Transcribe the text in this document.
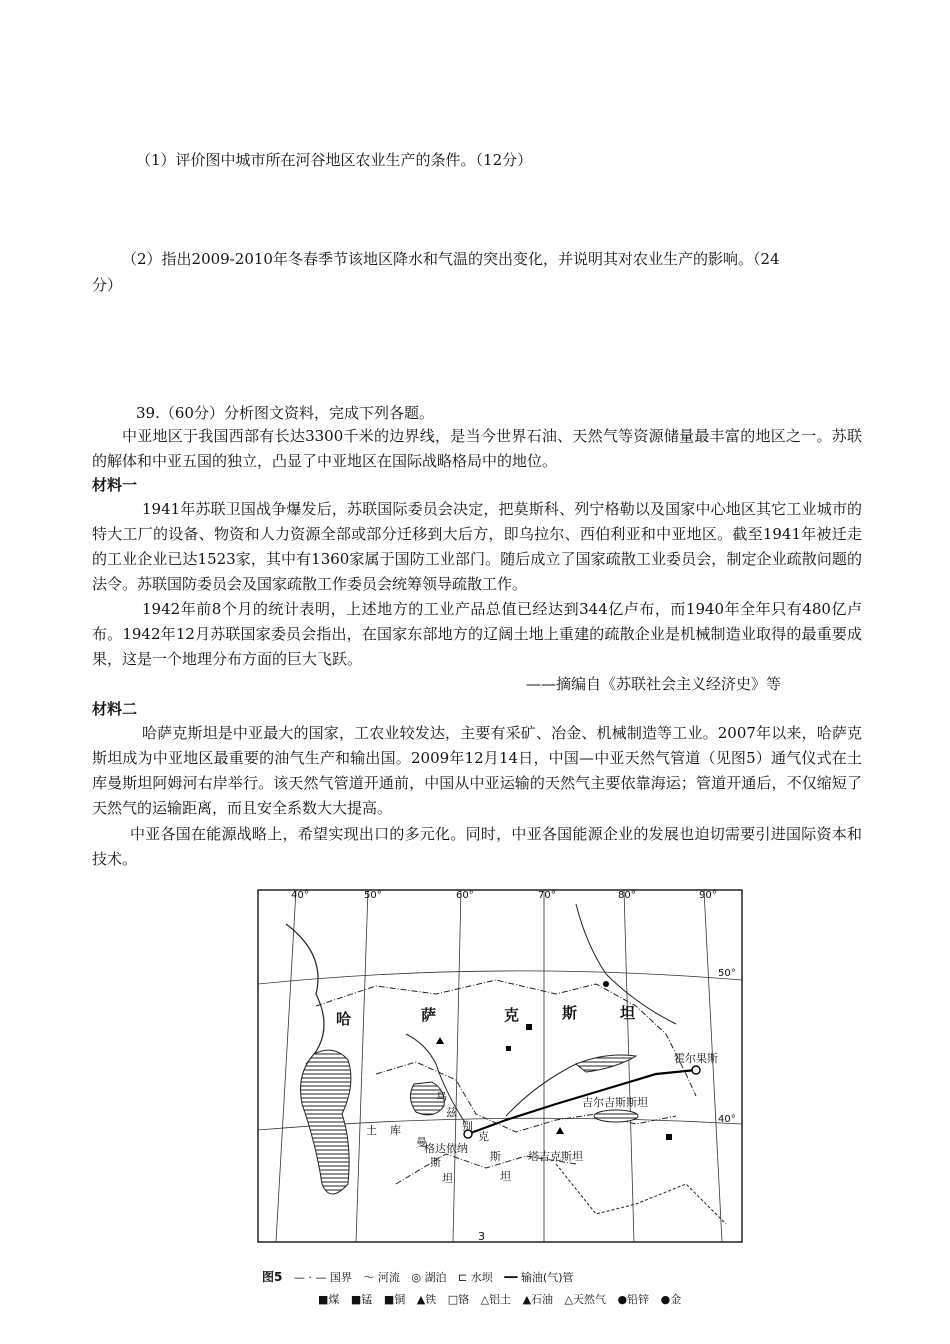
（1）评价图中城市所在河谷地区农业生产的条件。（12分）
（2）指出2009-2010年冬春季节该地区降水和气温的突出变化，并说明其对农业生产的影响。（24
分）
39.（60分）分析图文资料，完成下列各题。
中亚地区于我国西部有长达3300千米的边界线，是当今世界石油、天然气等资源储量最丰富的地区之一。苏联的解体和中亚五国的独立，凸显了中亚地区在国际战略格局中的地位。
材料一
1941年苏联卫国战争爆发后，苏联国际委员会决定，把莫斯科、列宁格勒以及国家中心地区其它工业城市的特大工厂的设备、物资和人力资源全部或部分迁移到大后方，即乌拉尔、西伯利亚和中亚地区。截至1941年被迁走的工业企业已达1523家，其中有1360家属于国防工业部门。随后成立了国家疏散工业委员会，制定企业疏散问题的法令。苏联国防委员会及国家疏散工作委员会统筹领导疏散工作。
1942年前8个月的统计表明，上述地方的工业产品总值已经达到344亿卢布，而1940年全年只有480亿卢布。1942年12月苏联国家委员会指出，在国家东部地方的辽阔土地上重建的疏散企业是机械制造业取得的最重要成果，这是一个地理分布方面的巨大飞跃。
——摘编自《苏联社会主义经济史》等
材料二
哈萨克斯坦是中亚最大的国家，工农业较发达，主要有采矿、冶金、机械制造等工业。2007年以来，哈萨克斯坦成为中亚地区最重要的油气生产和输出国。2009年12月14日，中国—中亚天然气管道（见图5）通气仪式在土库曼斯坦阿姆河右岸举行。该天然气管道开通前，中国从中亚运输的天然气主要依靠海运；管道开通后，不仅缩短了天然气的运输距离，而且安全系数大大提高。
中亚各国在能源战略上，希望实现出口的多元化。同时，中亚各国能源企业的发展也迫切需要引进国际资本和技术。
40°	50°	60°	70°	80°	90°
50°
40°
哈	萨	克	斯	坦
土 库
曼
斯
坦
乌
兹
别
克
斯
坦
塔吉克斯坦
吉尔吉斯斯坦
霍尔果斯
格达依纳
3
图5 — · — 国界 〜 河流 ◎ 湖泊 ⊏ 水坝 ━━ 输油(气)管
■煤 ■锰 ■铜 ▲铁 □铬 △铝土 ▲石油 △天然气 ●铅锌 ●金
